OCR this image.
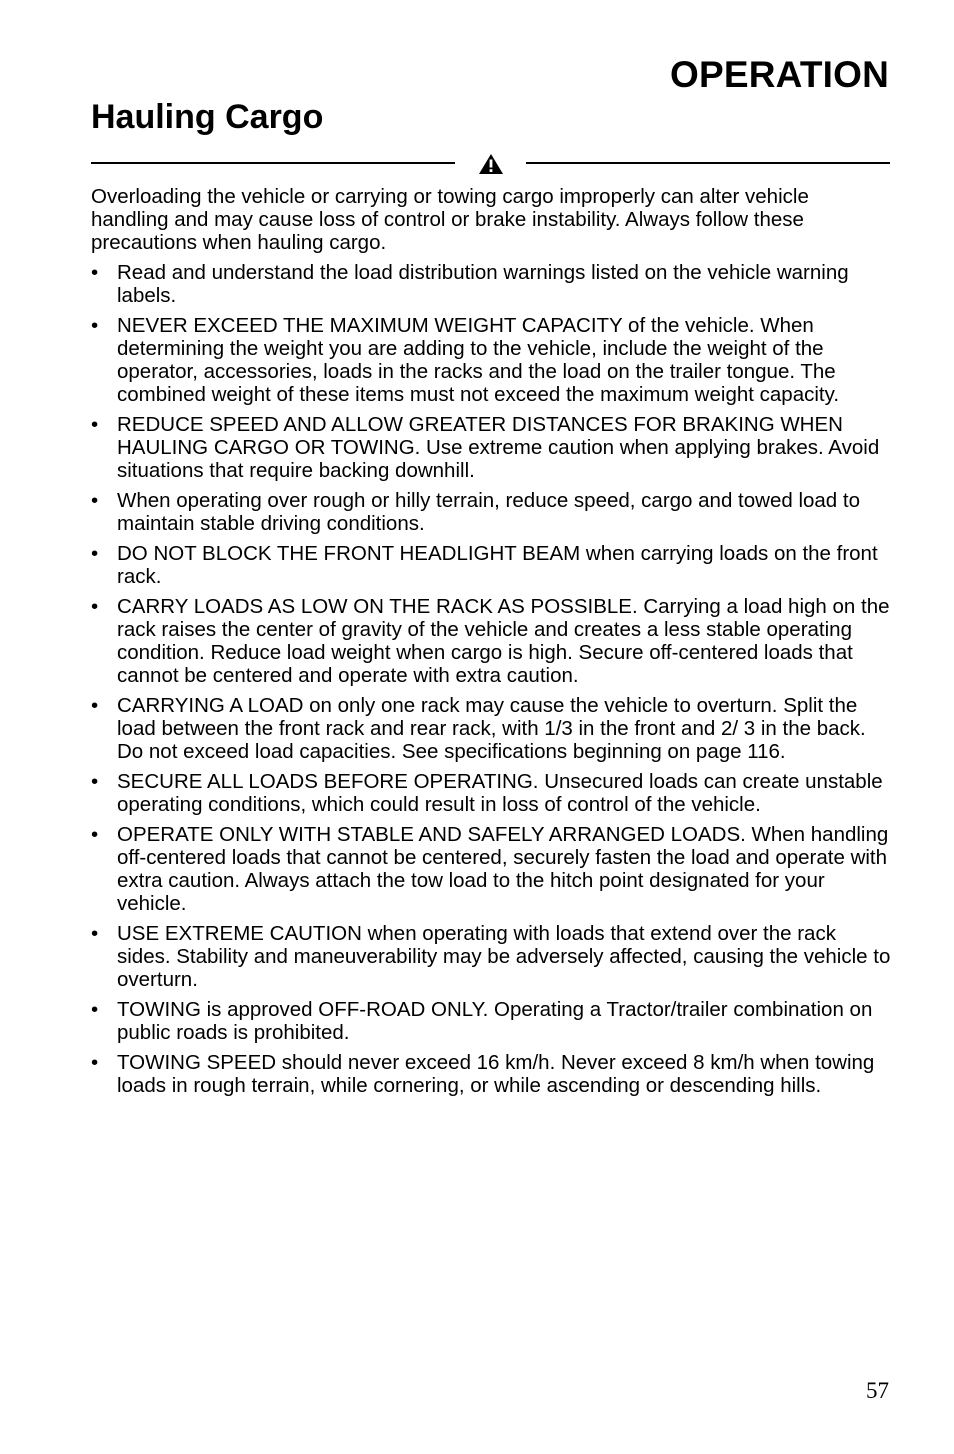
OPERATION
Hauling Cargo

Overloading the vehicle or carrying or towing cargo improperly can alter vehicle handling and may cause loss of control or brake instability. Always follow these precautions when hauling cargo.

• Read and understand the load distribution warnings listed on the vehicle warning labels.
• NEVER EXCEED THE MAXIMUM WEIGHT CAPACITY of the vehicle. When determining the weight you are adding to the vehicle, include the weight of the operator, accessories, loads in the racks and the load on the trailer tongue. The combined weight of these items must not exceed the maximum weight capacity.
• REDUCE SPEED AND ALLOW GREATER DISTANCES FOR BRAKING WHEN HAULING CARGO OR TOWING. Use extreme caution when applying brakes. Avoid situations that require backing downhill.
• When operating over rough or hilly terrain, reduce speed, cargo and towed load to maintain stable driving conditions.
• DO NOT BLOCK THE FRONT HEADLIGHT BEAM when carrying loads on the front rack.
• CARRY LOADS AS LOW ON THE RACK AS POSSIBLE. Carrying a load high on the rack raises the center of gravity of the vehicle and creates a less stable operating condition. Reduce load weight when cargo is high. Secure off-centered loads that cannot be centered and operate with extra caution.
• CARRYING A LOAD on only one rack may cause the vehicle to overturn. Split the load between the front rack and rear rack, with 1/3 in the front and 2/ 3 in the back. Do not exceed load capacities. See specifications beginning on page 116.
• SECURE ALL LOADS BEFORE OPERATING. Unsecured loads can create unstable operating conditions, which could result in loss of control of the vehicle.
• OPERATE ONLY WITH STABLE AND SAFELY ARRANGED LOADS. When handling off-centered loads that cannot be centered, securely fasten the load and operate with extra caution. Always attach the tow load to the hitch point designated for your vehicle.
• USE EXTREME CAUTION when operating with loads that extend over the rack sides. Stability and maneuverability may be adversely affected, causing the vehicle to overturn.
• TOWING is approved OFF-ROAD ONLY. Operating a Tractor/trailer combination on public roads is prohibited.
• TOWING SPEED should never exceed 16 km/h. Never exceed 8 km/h when towing loads in rough terrain, while cornering, or while ascending or descending hills.
57
